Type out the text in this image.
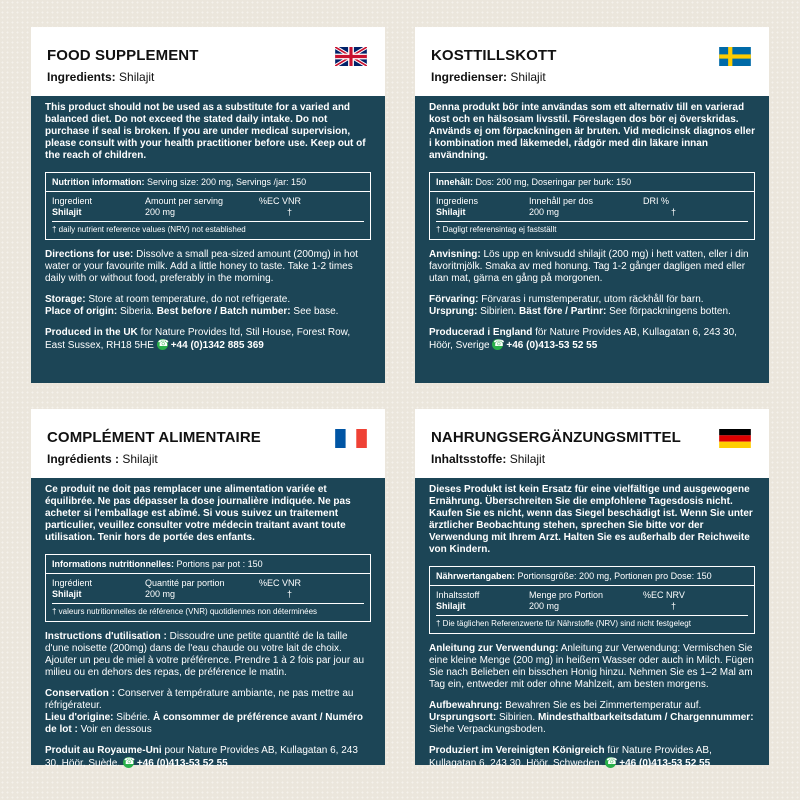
FOOD SUPPLEMENT
Ingredients: Shilajit
This product should not be used as a substitute for a varied and balanced diet. Do not exceed the stated daily intake. Do not purchase if seal is broken. If you are under medical supervision, please consult with your health practitioner before use. Keep out of the reach of children.
Nutrition information: Serving size: 200 mg, Servings /jar: 150
Ingredient	Amount per serving	%EC VNR
Shilajit	200 mg	†
† daily nutrient reference values (NRV) not established
Directions for use: Dissolve a small pea-sized amount (200mg) in hot water or your favourite milk. Add a little honey to taste. Take 1-2 times daily with or without food, preferably in the morning.
Storage: Store at room temperature, do not refrigerate.
Place of origin: Siberia. Best before / Batch number: See base.
Produced in the UK for Nature Provides ltd, Stil House, Forest Row, East Sussex, RH18 5HE ☎ +44 (0)1342 885 369
KOSTTILLSKOTT
Ingredienser: Shilajit
Denna produkt bör inte användas som ett alternativ till en varierad kost och en hälsosam livsstil. Föreslagen dos bör ej överskridas. Används ej om förpackningen är bruten. Vid medicinsk diagnos eller i kombination med läkemedel, rådgör med din läkare innan användning.
Innehåll: Dos: 200 mg, Doseringar per burk: 150
Ingrediens	Innehåll per dos	DRI %
Shilajit	200 mg	†
† Dagligt referensintag ej fastställt
Anvisning: Lös upp en knivsudd shilajit (200 mg) i hett vatten, eller i din favoritmjölk. Smaka av med honung. Tag 1-2 gånger dagligen med eller utan mat, gärna en gång på morgonen.
Förvaring: Förvaras i rumstemperatur, utom räckhåll för barn.
Ursprung: Sibirien. Bäst före / Partinr: See förpackningens botten.
Producerad i England för Nature Provides AB, Kullagatan 6, 243 30, Höör, Sverige ☎ +46 (0)413-53 52 55
COMPLÉMENT ALIMENTAIRE
Ingrédients : Shilajit
Ce produit ne doit pas remplacer une alimentation variée et équilibrée. Ne pas dépasser la dose journalière indiquée. Ne pas acheter si l'emballage est abîmé. Si vous suivez un traitement particulier, veuillez consulter votre médecin traitant avant toute utilisation. Tenir hors de portée des enfants.
Informations nutritionnelles: Portions par pot : 150
Ingrédient	Quantité par portion	%EC VNR
Shilajit	200 mg	†
† valeurs nutritionnelles de référence (VNR) quotidiennes non déterminées
Instructions d'utilisation : Dissoudre une petite quantité de la taille d'une noisette (200mg) dans de l'eau chaude ou votre lait de choix. Ajouter un peu de miel à votre préférence. Prendre 1 à 2 fois par jour au milieu ou en dehors des repas, de préférence le matin.
Conservation : Conserver à température ambiante, ne pas mettre au réfrigérateur.
Lieu d'origine: Sibérie. À consommer de préférence avant / Numéro de lot : Voir en dessous
Produit au Royaume-Uni pour Nature Provides AB, Kullagatan 6, 243 30, Höör, Suède. ☎ +46 (0)413-53 52 55
NAHRUNGSERGÄNZUNGSMITTEL
Inhaltsstoffe: Shilajit
Dieses Produkt ist kein Ersatz für eine vielfältige und ausgewogene Ernährung. Überschreiten Sie die empfohlene Tagesdosis nicht. Kaufen Sie es nicht, wenn das Siegel beschädigt ist. Wenn Sie unter ärztlicher Beobachtung stehen, sprechen Sie bitte vor der Verwendung mit Ihrem Arzt. Halten Sie es außerhalb der Reichweite von Kindern.
Nährwertangaben: Portionsgröße: 200 mg, Portionen pro Dose: 150
Inhaltsstoff	Menge pro Portion	%EC NRV
Shilajit	200 mg	†
† Die täglichen Referenzwerte für Nährstoffe (NRV) sind nicht festgelegt
Anleitung zur Verwendung: Anleitung zur Verwendung: Vermischen Sie eine kleine Menge (200 mg) in heißem Wasser oder auch in Milch. Fügen Sie nach Belieben ein bisschen Honig hinzu. Nehmen Sie es 1–2 Mal am Tag ein, entweder mit oder ohne Mahlzeit, am besten morgens.
Aufbewahrung: Bewahren Sie es bei Zimmertemperatur auf.
Ursprungsort: Sibirien. Mindesthaltbarkeitsdatum / Chargennummer: Siehe Verpackungsboden.
Produziert im Vereinigten Königreich für Nature Provides AB, Kullagatan 6, 243 30, Höör, Schweden. ☎ +46 (0)413-53 52 55
